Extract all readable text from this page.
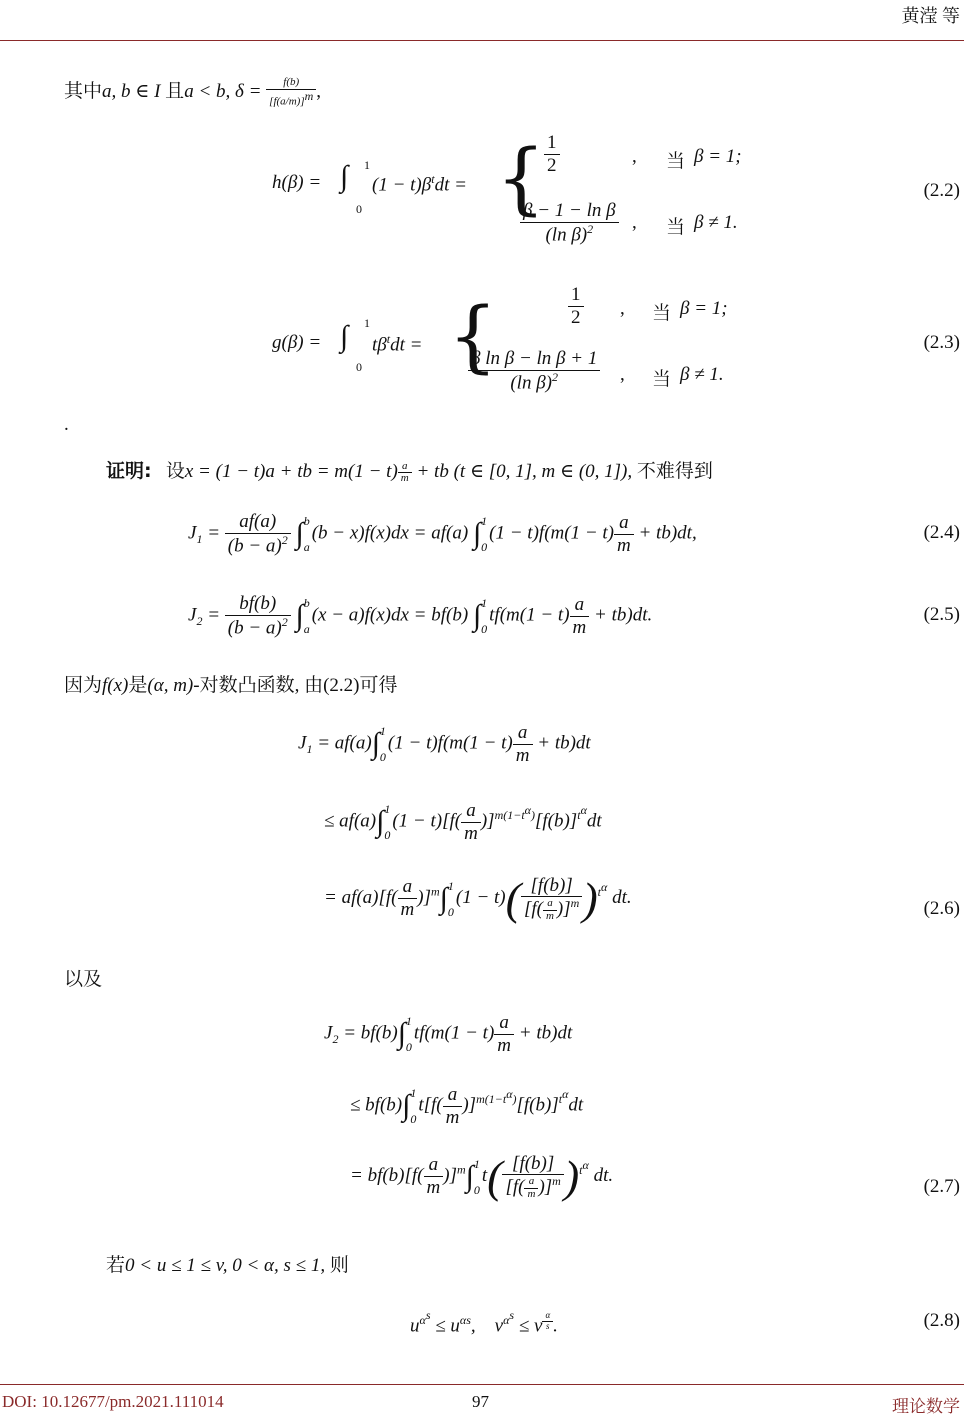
黄滢 等
其中a, b ∈ I 且a < b, $\delta = \frac{f(b)}{[f(a/m)]^m}$ ,
h(β) = ∫ 1
0
$(1 - t)\beta^tdt$ = {
$\frac{1}{2}$	, 当 β = 1;
$\frac{\text{β − 1 − ln β}}{(\ln \beta)^2}$ , 当 β ≠ 1.
(2.2)
g(β) = ∫ 1
0
$t\beta^tdt$ = {	$\frac{1}{2}$ , 当 β = 1;
$\frac{\text{β ln β − ln β + 1}}{(\ln \beta)^2}$ , 当 β ≠ 1.
(2.3)
.
证明: 设x = (1 − t)a + tb = $m(1 - t) \frac{a}{m}$ + tb (t ∈ [0, 1], m ∈ (0, 1]), 不难得到
$J_1 = \frac{af(a)}{(b - a)^2}$ ∫ b
a
(b − x)f(x)dx = af(a) ∫ 1
0
$(1 - t)f(m(1 - t) \frac{a}{m} + tb)dt$,	(2.4)
$J_2 = \frac{bf(b)}{(b - a)^2}$ ∫ b
a
(x − a)f(x)dx = bf(b) ∫ 1
0
$tf(m(1 - t) \frac{a}{m} + tb)dt$.	(2.5)
因为f(x)是(α, m)-对数凸函数, 由(2.2)可得
$J_1 = af(a)\int$ 1
0
$(1 - t)f(m(1 - t) \frac{a}{m} + tb)dt$
≤ af(a)∫ 1
0
$(1 - t)[f( \frac{a}{m} )]^{m(1-t^\alpha)}[f(b)]^{t^\alpha}dt$
= $af(a)[f( \frac{a}{m} )]^m\int$ 1
0
$(1 - t)( \frac{[f(b)]}{[f( \frac{a}{m} )]^m} )^{t^\alpha}$ dt.
(2.6)
以及
$J_2 = bf(b)\int$ 1
0
$tf(m(1 - t) \frac{a}{m} + tb)dt$
≤ bf(b)∫ 1
0
$t[f( \frac{a}{m} )]^{m(1-t^\alpha)}[f(b)]^{t^\alpha}dt$
= $bf(b)[f( \frac{a}{m} )]^m\int$ 1
0
$t( \frac{[f(b)]}{[f( \frac{a}{m} )]^m} )^{t^\alpha}$ dt.
(2.7)
若0 < u ≤ 1 ≤ v, 0 < α, s ≤ 1, 则
$u^{\alpha^s} \le u^{\alpha s}$,    $v^{\alpha^s} \le v$ $^{\frac{\alpha}{s}}$ .	(2.8)
DOI: 10.12677/pm.2021.111014	97	理论数学
